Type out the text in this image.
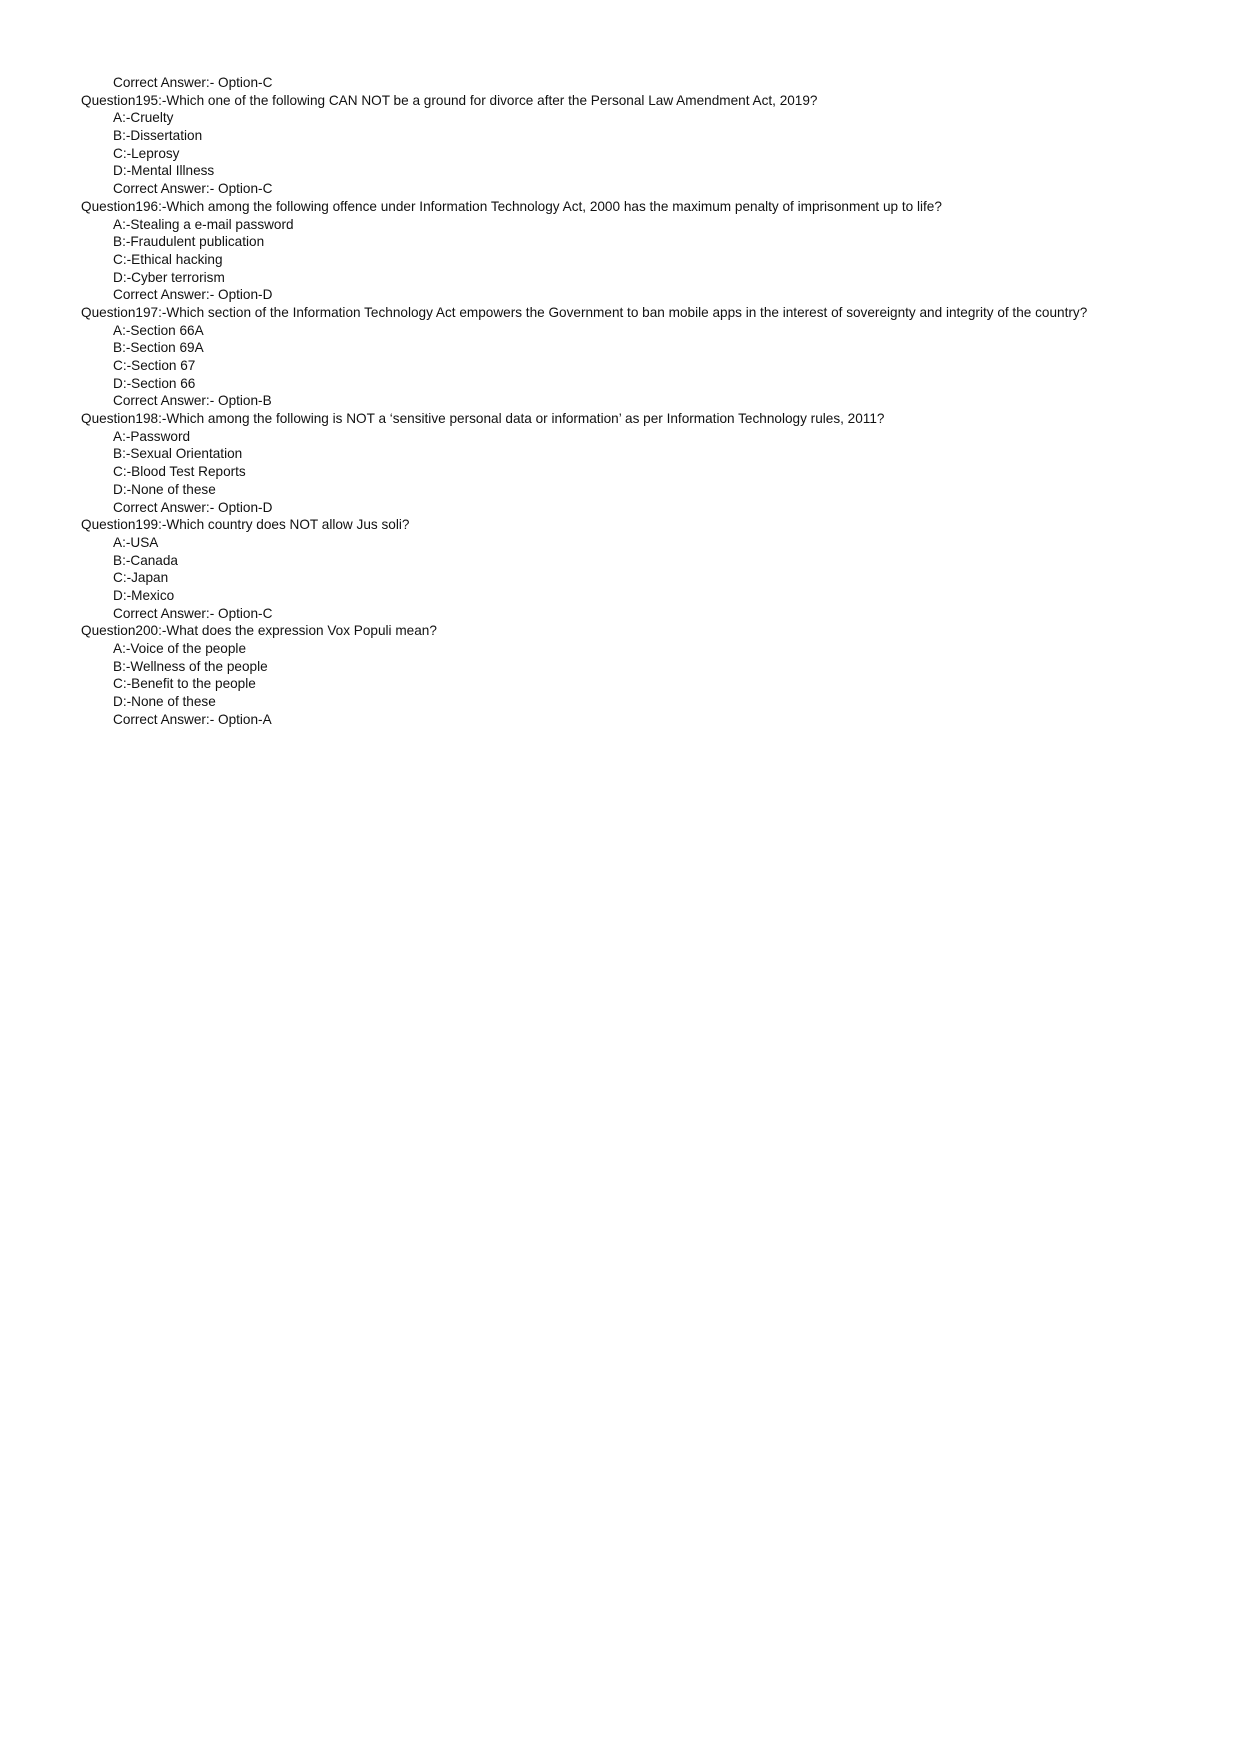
Correct Answer:- Option-C
Question195:-Which one of the following CAN NOT be a ground for divorce after the Personal Law Amendment Act, 2019?
A:-Cruelty
B:-Dissertation
C:-Leprosy
D:-Mental Illness
Correct Answer:- Option-C
Question196:-Which among the following offence under Information Technology Act, 2000 has the maximum penalty of imprisonment up to life?
A:-Stealing a e-mail password
B:-Fraudulent publication
C:-Ethical hacking
D:-Cyber terrorism
Correct Answer:- Option-D
Question197:-Which section of the Information Technology Act empowers the Government to ban mobile apps in the interest of sovereignty and integrity of the country?
A:-Section 66A
B:-Section 69A
C:-Section 67
D:-Section 66
Correct Answer:- Option-B
Question198:-Which among the following is NOT a ‘sensitive personal data or information’ as per Information Technology rules, 2011?
A:-Password
B:-Sexual Orientation
C:-Blood Test Reports
D:-None of these
Correct Answer:- Option-D
Question199:-Which country does NOT allow Jus soli?
A:-USA
B:-Canada
C:-Japan
D:-Mexico
Correct Answer:- Option-C
Question200:-What does the expression Vox Populi mean?
A:-Voice of the people
B:-Wellness of the people
C:-Benefit to the people
D:-None of these
Correct Answer:- Option-A
